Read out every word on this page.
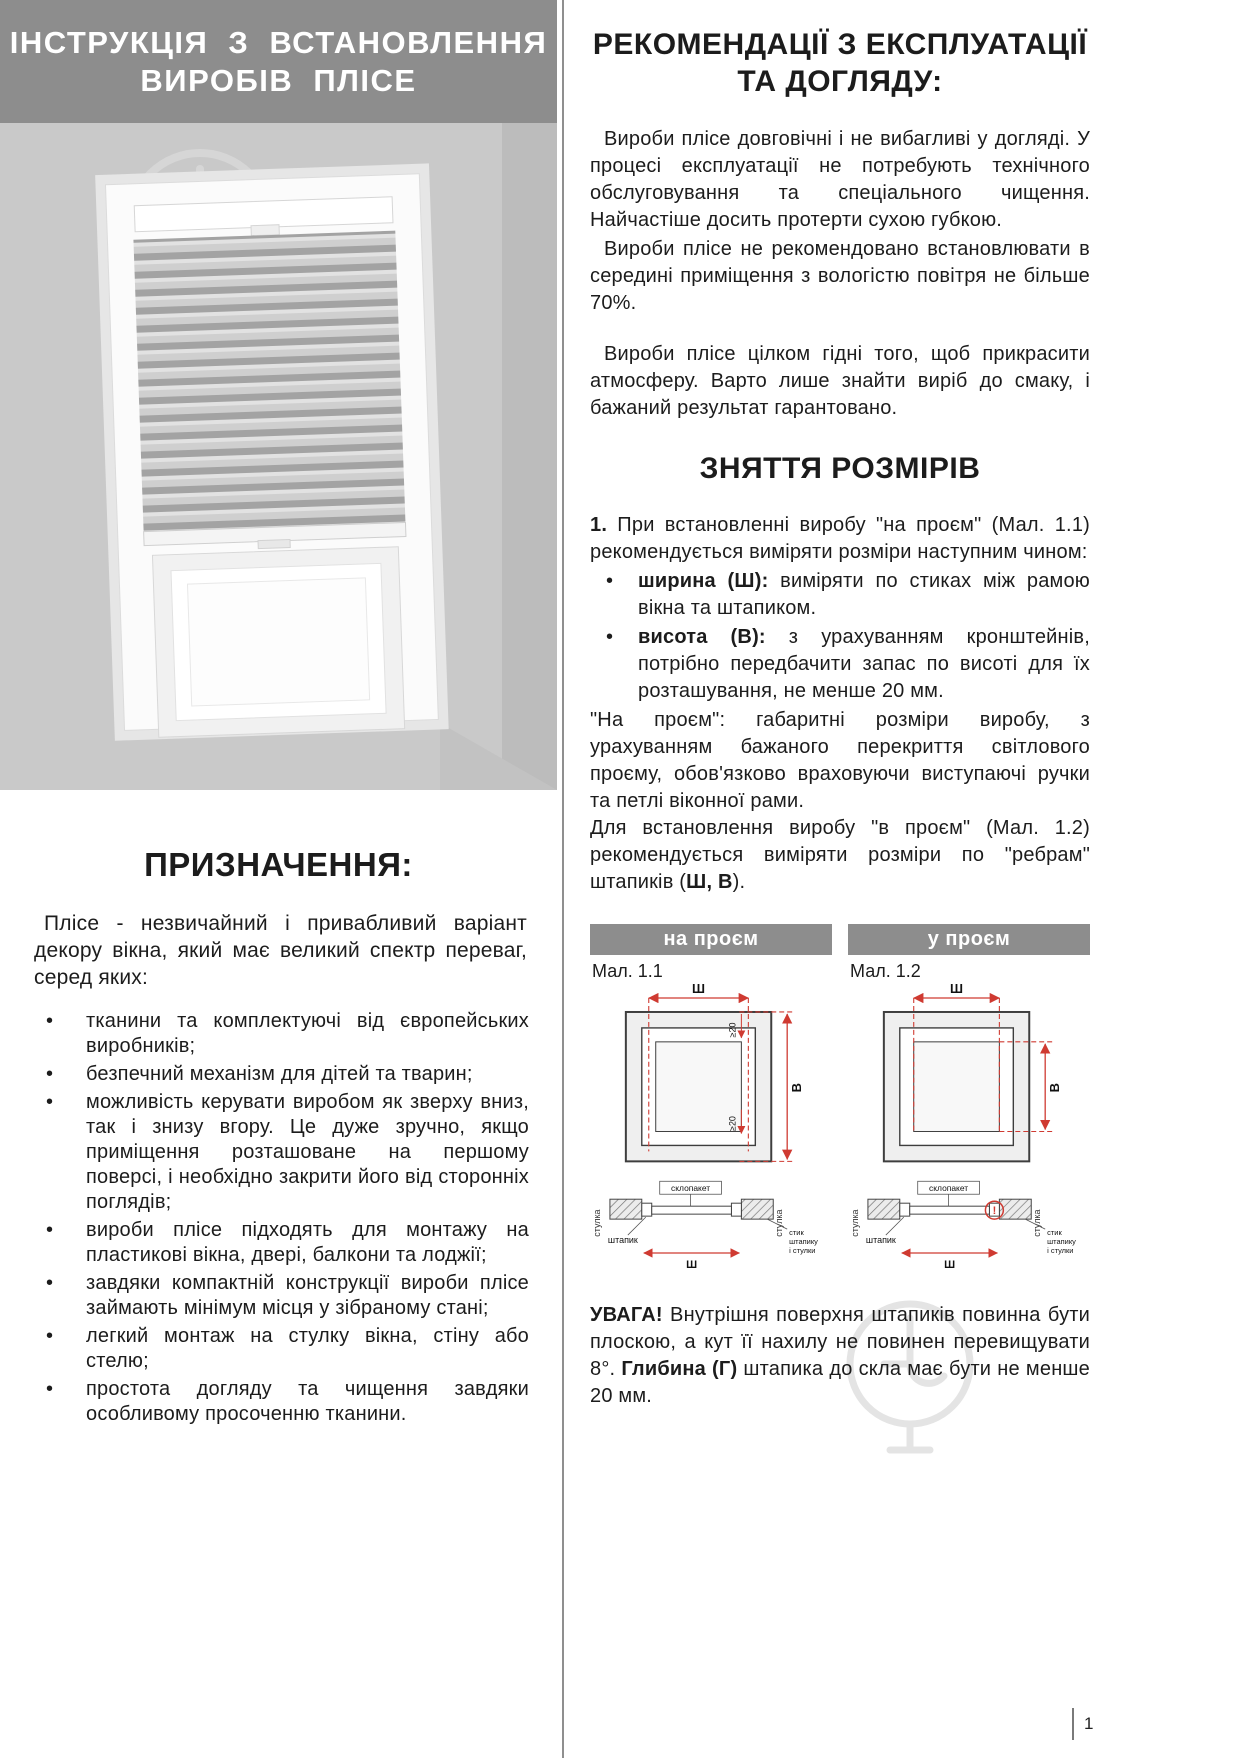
ІНСТРУКЦІЯ З ВСТАНОВЛЕННЯ
ВИРОБІВ ПЛІСЕ
ПРИЗНАЧЕННЯ:

Плісе - незвичайний і привабливий варіант декору вікна, який має великий спектр переваг, серед яких:

•	тканини та комплектуючі від європейських виробників;
•	безпечний механізм для дітей та тварин;
•	можливість керувати виробом як зверху вниз, так і знизу вгору. Це дуже зручно, якщо приміщення розташоване на першому поверсі, і необхідно закрити його від сторонніх поглядів;
•	вироби плісе підходять для монтажу на пластикові вікна, двері, балкони та лоджії;
•	завдяки компактній конструкції вироби плісе займають мінімум місця у зібраному стані;
•	легкий монтаж на стулку вікна, стіну або стелю;
•	простота догляду та чищення завдяки особливому просоченню тканини.
РЕКОМЕНДАЦІЇ З ЕКСПЛУАТАЦІЇ
ТА ДОГЛЯДУ:

Вироби плісе довговічні і не вибагливі у догляді. У процесі експлуатації не потребують технічного обслуговування та спеціального чищення. Найчастіше досить протерти сухою губкою.

Вироби плісе не рекомендовано встановлювати в середині приміщення з вологістю повітря не більше 70%.

Вироби плісе цілком гідні того, щоб прикрасити атмосферу. Варто лише знайти виріб до смаку, і бажаний результат гарантовано.

ЗНЯТТЯ РОЗМІРІВ

1. При встановленні виробу "на проєм" (Мал. 1.1) рекомендується виміряти розміри наступним чином:

•	ширина (Ш): виміряти по стиках між рамою вікна та штапиком.
•	висота (В): з урахуванням кронштейнів, потрібно передбачити запас по висоті для їх розташування, не менше 20 мм.

"На проєм": габаритні розміри виробу, з урахуванням бажаного перекриття світлового проєму, обов'язково враховуючи виступаючі ручки та петлі віконної рами.

Для встановлення виробу "в проєм" (Мал. 1.2) рекомендується виміряти розміри по "ребрам" штапиків (Ш, В).

на проєм
Мал. 1.1
Ш
В
≥20
≥20
стулка	стулка
склопакет
штапик
Ш
стик
штапику
і стулки
у проєм
Мал. 1.2
Ш
В
стулка	стулка
склопакет
!
штапик
Ш
стик
штапику
і стулки

УВАГА! Внутрішня поверхня штапиків повинна бути плоскою, а кут її нахилу не повинен перевищувати 8°. Глибина (Г) штапика до скла має бути не менше 20 мм.

1
